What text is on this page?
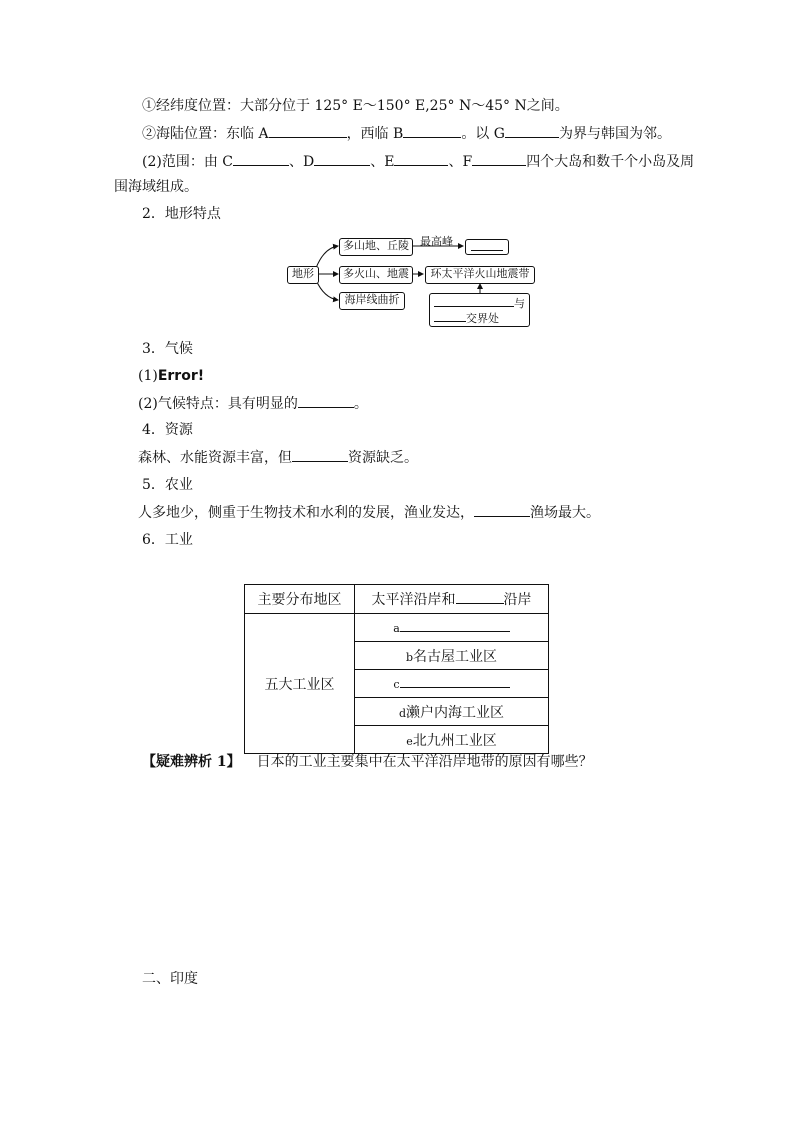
①经纬度位置：大部分位于 125° E～150° E,25° N～45° N之间。
②海陆位置：东临 A	，西临 B	。以 G	为界与韩国为邻。
(2)范围：由 C	、D	、E	、F	四个大岛和数千个小岛及周
围海域组成。
2．地形特点
地形
多山地、丘陵	最高峰
多火山、地震	环太平洋火山地震带
海岸线曲折	与
交界处
3．气候
(1)Error!
(2)气候特点：具有明显的	。
4．资源
森林、水能资源丰富，但	资源缺乏。
5．农业
人多地少，侧重于生物技术和水利的发展，渔业发达，	渔场最大。
6．工业
主要分布地区	太平洋沿岸和 沿岸
五大工业区	a
	b名古屋工业区
	c
	d濑户内海工业区
	e北九州工业区
【疑难辨析 1】 日本的工业主要集中在太平洋沿岸地带的原因有哪些？
二、印度
